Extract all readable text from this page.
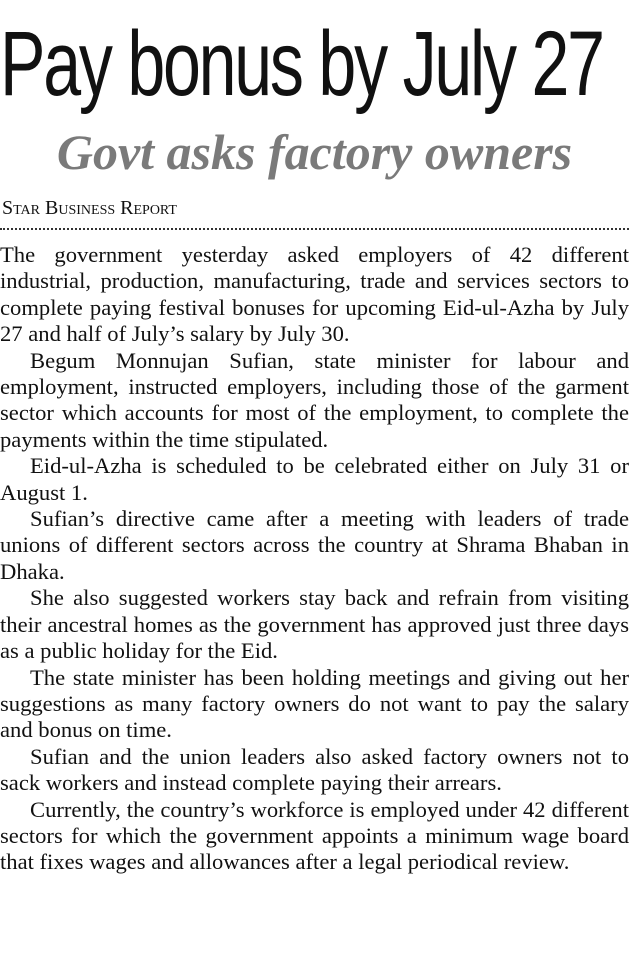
Pay bonus by July 27
Govt asks factory owners
Star Business Report

The government yesterday asked employers of 42 different industrial, production, manufacturing, trade and services sectors to complete paying festival bonuses for upcoming Eid-ul-Azha by July 27 and half of July’s salary by July 30.

Begum Monnujan Sufian, state minister for labour and employment, instructed employers, including those of the garment sector which accounts for most of the employment, to complete the payments within the time stipulated.

Eid-ul-Azha is scheduled to be celebrated either on July 31 or August 1.

Sufian’s directive came after a meeting with leaders of trade unions of different sectors across the country at Shrama Bhaban in Dhaka.

She also suggested workers stay back and refrain from visiting their ancestral homes as the government has approved just three days as a public holiday for the Eid.

The state minister has been holding meetings and giving out her suggestions as many factory owners do not want to pay the salary and bonus on time.

Sufian and the union leaders also asked factory owners not to sack workers and instead complete paying their arrears.

Currently, the country’s workforce is employed under 42 different sectors for which the government appoints a minimum wage board that fixes wages and allowances after a legal periodical review.
